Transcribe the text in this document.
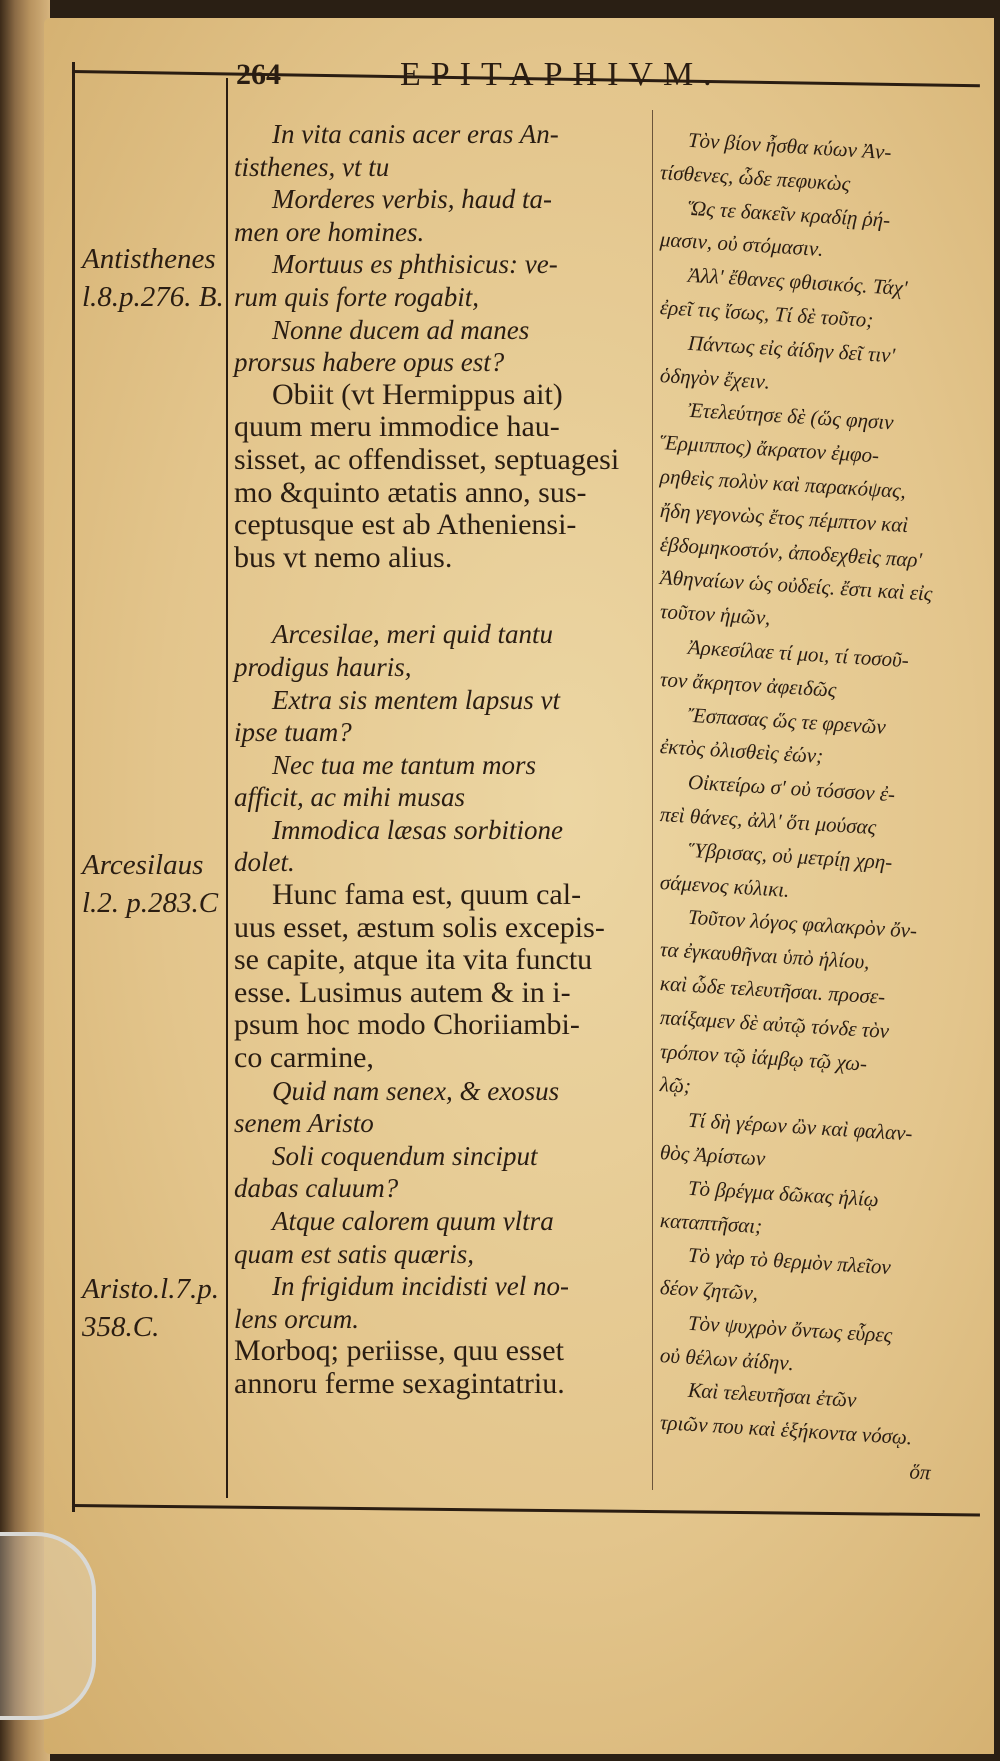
264	EPITAPHIVM.
Antisthenes
l.8.p.276. B.
Arcesilaus
l.2. p.283.C
Aristo.l.7.p.
358.C.
In vita canis acer eras An-
tisthenes, vt tu
Morderes verbis, haud ta-
men ore homines.
Mortuus es phthisicus: ve-
rum quis forte rogabit,
Nonne ducem ad manes
prorsus habere opus est?
Obiit (vt Hermippus ait)
quum meru immodice hau-
sisset, ac offendisset, septuagesi
mo &quinto ætatis anno, sus-
ceptusque est ab Atheniensi-
bus vt nemo alius.
Arcesilae, meri quid tantu
prodigus hauris,
Extra sis mentem lapsus vt
ipse tuam?
Nec tua me tantum mors
afficit, ac mihi musas
Immodica læsas sorbitione
dolet.
Hunc fama est, quum cal-
uus esset, æstum solis excepis-
se capite, atque ita vita functu
esse. Lusimus autem & in i-
psum hoc modo Choriiambi-
co carmine,
Quid nam senex, & exosus
senem Aristo
Soli coquendum sinciput
dabas caluum?
Atque calorem quum vltra
quam est satis quæris,
In frigidum incidisti vel no-
lens orcum.
Morboq; periisse, quu esset
annoru ferme sexagintatriu.
Τὸν βίον ἦσθα κύων Ἀν-
τίσθενες, ὧδε πεφυκὼς
Ὥς τε δακεῖν κραδίῃ ῥή-
μασιν, οὐ στόμασιν.
Ἀλλ' ἔθανες φθισικός. Τάχ'
ἐρεῖ τις ἴσως, Τί δὲ τοῦτο;
Πάντως εἰς ἀίδην δεῖ τιν'
ὁδηγὸν ἔχειν.
Ἐτελεύτησε δὲ (ὥς φησιν
Ἕρμιππος) ἄκρατον ἐμφο-
ρηθεὶς πολὺν καὶ παρακόψας,
ἤδη γεγονὼς ἔτος πέμπτον καὶ
ἑβδομηκοστόν, ἀποδεχθεὶς παρ'
Ἀθηναίων ὡς οὐδείς. ἔστι καὶ εἰς
τοῦτον ἡμῶν,
Ἀρκεσίλαε τί μοι, τί τοσοῦ-
τον ἄκρητον ἀφειδῶς
Ἔσπασας ὥς τε φρενῶν
ἐκτὸς ὀλισθεὶς ἐών;
Οἰκτείρω σ' οὐ τόσσον ἐ-
πεὶ θάνες, ἀλλ' ὅτι μούσας
Ὕβρισας, οὐ μετρίῃ χρη-
σάμενος κύλικι.
Τοῦτον λόγος φαλακρὸν ὄν-
τα ἐγκαυθῆναι ὑπὸ ἡλίου,
καὶ ὧδε τελευτῆσαι. προσε-
παίξαμεν δὲ αὐτῷ τόνδε τὸν
τρόπον τῷ ἰάμβῳ τῷ χω-
λῷ;
Τί δὴ γέρων ὢν καὶ φαλαν-
θὸς Ἀρίστων
Τὸ βρέγμα δῶκας ἡλίῳ
καταπτῆσαι;
Τὸ γὰρ τὸ θερμὸν πλεῖον
δέον ζητῶν,
Τὸν ψυχρὸν ὄντως εὗρες
οὐ θέλων ἀίδην.
Καὶ τελευτῆσαι ἐτῶν
τριῶν που καὶ ἑξήκοντα νόσῳ.
ὅπ
